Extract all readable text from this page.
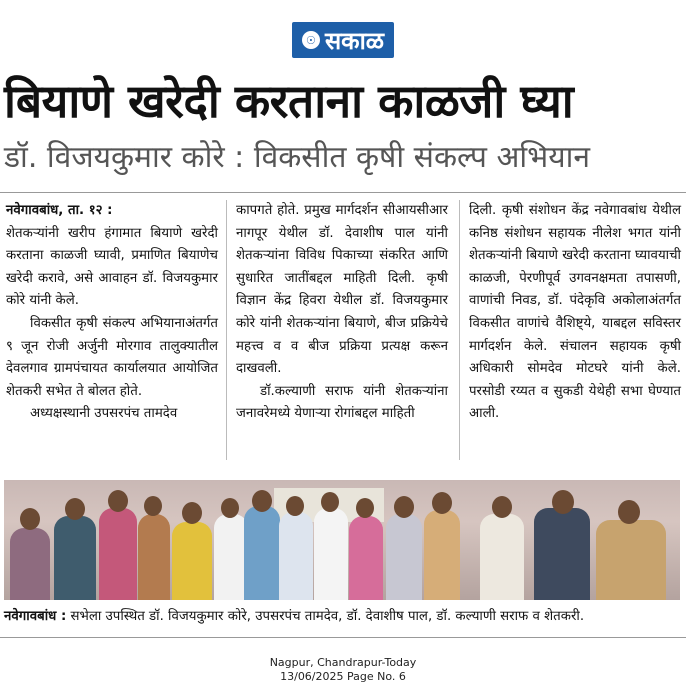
☉ सकाळ
बियाणे खरेदी करताना काळजी घ्या
डॉ. विजयकुमार कोरे : विकसीत कृषी संकल्प अभियान

नवेगावबांध, ता. १२ :
शेतकऱ्यांनी खरीप हंगामात बियाणे खरेदी करताना काळजी घ्यावी, प्रमाणित बियाणेच खरेदी करावे, असे आवाहन डॉ. विजयकुमार कोरे यांनी केले.

विकसीत कृषी संकल्प अभियानाअंतर्गत ९ जून रोजी अर्जुनी मोरगाव तालुक्यातील देवलगाव ग्रामपंचायत कार्यालयात आयोजित शेतकरी सभेत ते बोलत होते.

अध्यक्षस्थानी उपसरपंच तामदेव

कापगते होते. प्रमुख मार्गदर्शन सीआयसीआर नागपूर येथील डॉ. देवाशीष पाल यांनी शेतकऱ्यांना विविध पिकाच्या संकरित आणि सुधारित जातींबद्दल माहिती दिली. कृषी विज्ञान केंद्र हिवरा येथील डॉ. विजयकुमार कोरे यांनी शेतकऱ्यांना बियाणे, बीज प्रक्रियेचे महत्त्व व व बीज प्रक्रिया प्रत्यक्ष करून दाखवली.

डॉ.कल्याणी सराफ यांनी शेतकऱ्यांना जनावरेमध्ये येणाऱ्या रोगांबद्दल माहिती

दिली. कृषी संशोधन केंद्र नवेगावबांध येथील कनिष्ठ संशोधन सहायक नीलेश भगत यांनी शेतकऱ्यांनी बियाणे खरेदी करताना घ्यावयाची काळजी, पेरणीपूर्व उगवनक्षमता तपासणी, वाणांची निवड, डॉ. पंदेकृवि अकोलाअंतर्गत विकसीत वाणांचे वैशिष्ट्ये, याबद्दल सविस्तर मार्गदर्शन केले. संचालन सहायक कृषी अधिकारी सोमदेव मोटघरे यांनी केले. परसोडी रय्यत व सुकडी येथेही सभा घेण्यात आली.

नवेगावबांध : सभेला उपस्थित डॉ. विजयकुमार कोरे, उपसरपंच तामदेव, डॉ. देवाशीष पाल, डॉ. कल्याणी सराफ व शेतकरी.
Nagpur, Chandrapur-Today
13/06/2025 Page No. 6
